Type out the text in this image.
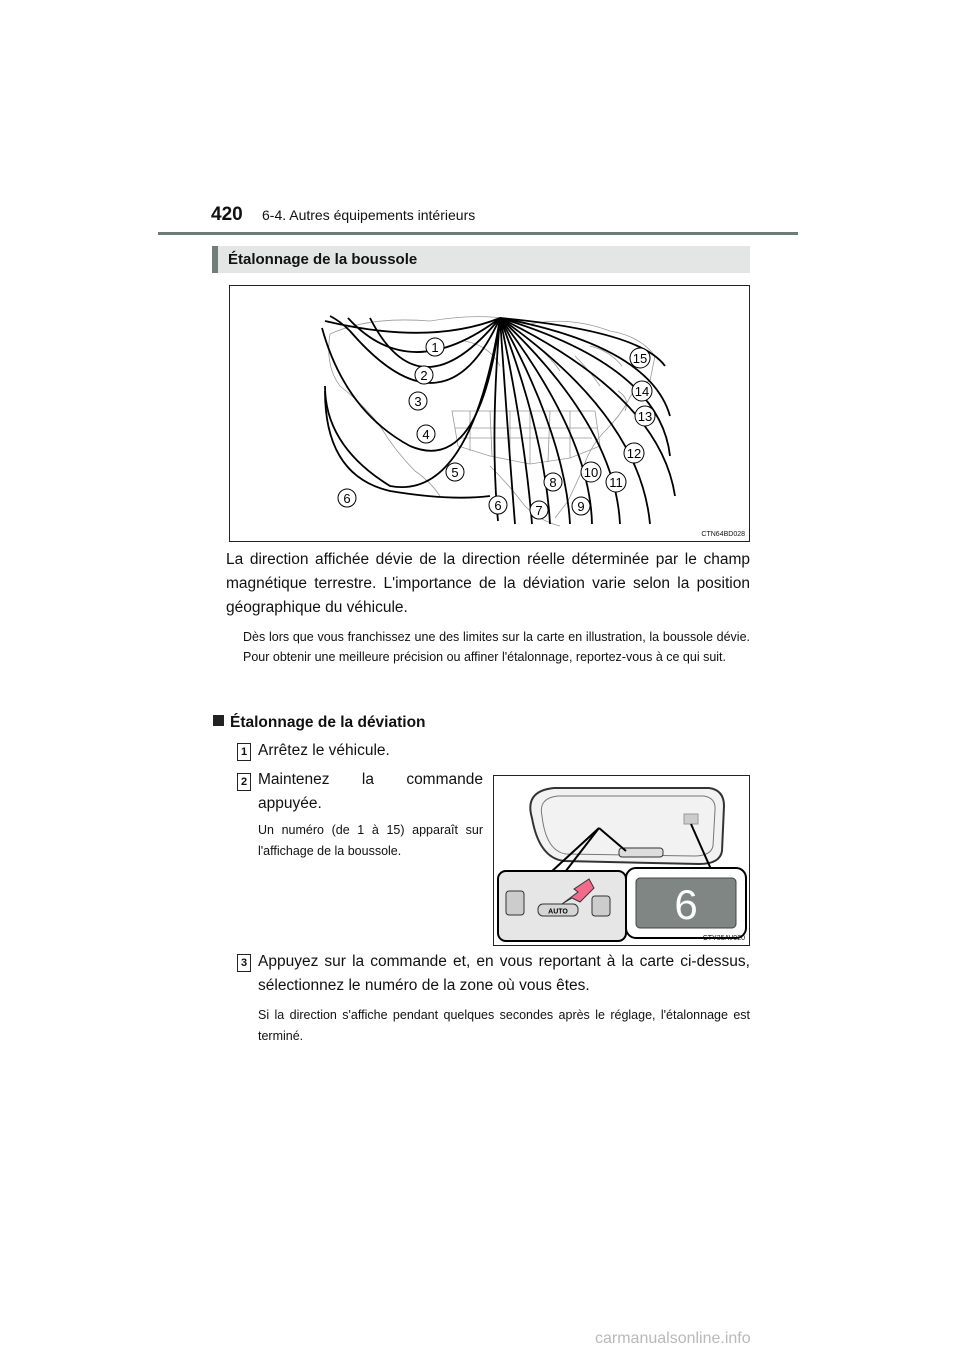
420 6-4. Autres équipements intérieurs
Étalonnage de la boussole
1
2
3
4
5
6	6	7
8
9
10
11
12
13
14
15
CTN64BD028
La direction affichée dévie de la direction réelle déterminée par le champ magnétique terrestre. L'importance de la déviation varie selon la position géographique du véhicule.
Dès lors que vous franchissez une des limites sur la carte en illustration, la boussole dévie. Pour obtenir une meilleure précision ou affiner l'étalonnage, reportez-vous à ce qui suit.
Étalonnage de la déviation
1 Arrêtez le véhicule.
2 Maintenez la commande appuyée.
Un numéro (de 1 à 15) apparaît sur l'affichage de la boussole.
AUTO	6
CTY35AV020
3 Appuyez sur la commande et, en vous reportant à la carte ci-dessus, sélectionnez le numéro de la zone où vous êtes.
Si la direction s'affiche pendant quelques secondes après le réglage, l'étalonnage est terminé.
carmanualsonline.info
